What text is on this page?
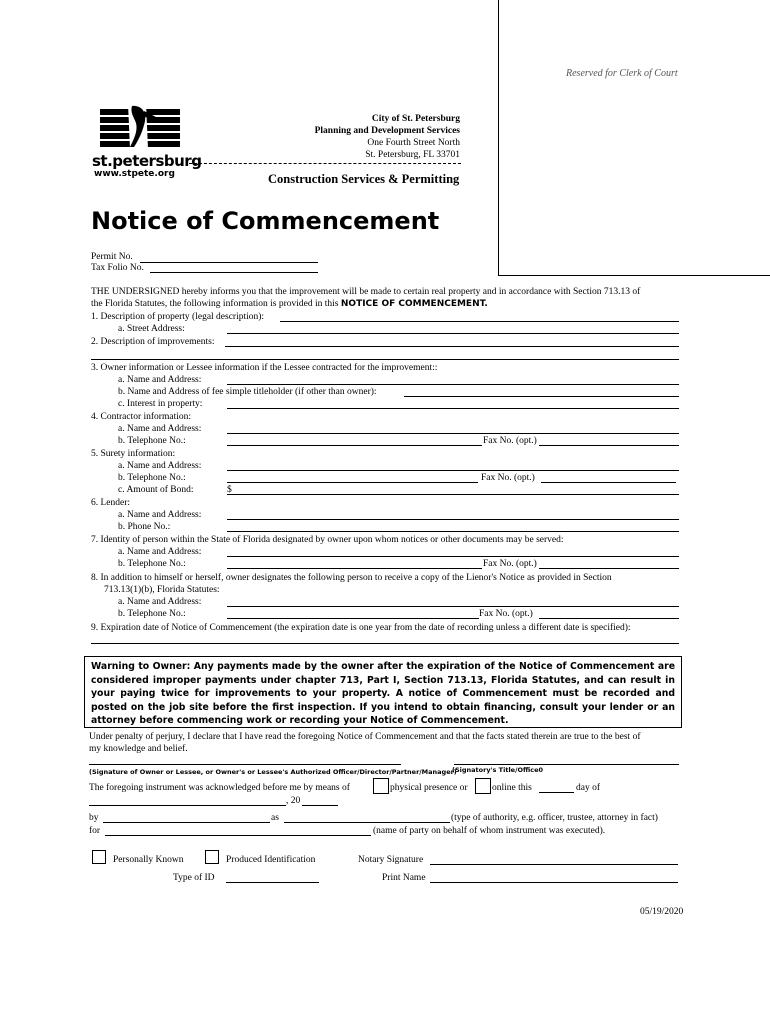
Reserved for Clerk of Court
st.petersburg
www.stpete.org
City of St. Petersburg
Planning and Development Services
One Fourth Street North
St. Petersburg, FL 33701
Construction Services & Permitting
Notice of Commencement
Permit No.
Tax Folio No.
THE UNDERSIGNED hereby informs you that the improvement will be made to certain real property and in accordance with Section 713.13 of
the Florida Statutes, the following information is provided in this NOTICE OF COMMENCEMENT.
1. Description of property (legal description):
a. Street Address:
2. Description of improvements:
3. Owner information or Lessee information if the Lessee contracted for the improvement::
a. Name and Address:
b. Name and Address of fee simple titleholder (if other than owner):
c. Interest in property:
4. Contractor information:
a. Name and Address:
b. Telephone No.:	Fax No. (opt.)
5. Surety information:
a. Name and Address:
b. Telephone No.:	Fax No. (opt.)
c. Amount of Bond:	$
6. Lender:
a. Name and Address:
b. Phone No.:
7. Identity of person within the State of Florida designated by owner upon whom notices or other documents may be served:
a. Name and Address:
b. Telephone No.:	Fax No. (opt.)
8. In addition to himself or herself, owner designates the following person to receive a copy of the Lienor's Notice as provided in Section
713.13(1)(b), Florida Statutes:
a. Name and Address:
b. Telephone No.:	Fax No. (opt.)
9. Expiration date of Notice of Commencement (the expiration date is one year from the date of recording unless a different date is specified):
Warning to Owner: Any payments made by the owner after the expiration of the Notice of Commencement are considered improper payments under chapter 713, Part I, Section 713.13, Florida Statutes, and can result in your paying twice for improvements to your property. A notice of Commencement must be recorded and posted on the job site before the first inspection. If you intend to obtain financing, consult your lender or an attorney before commencing work or recording your Notice of Commencement.
Under penalty of perjury, I declare that I have read the foregoing Notice of Commencement and that the facts stated therein are true to the best of
my knowledge and belief.
(Signature of Owner or Lessee, or Owner's or Lessee's Authorized Officer/Director/Partner/Manager)
(Signatory's Title/Office0
The foregoing instrument was acknowledged before me by means of	physical presence or	online this	day of
, 20
by	as	(type of authority, e.g. officer, trustee, attorney in fact)
for	(name of party on behalf of whom instrument was executed).
Personally Known	Produced Identification	Notary Signature
Type of ID	Print Name
05/19/2020
